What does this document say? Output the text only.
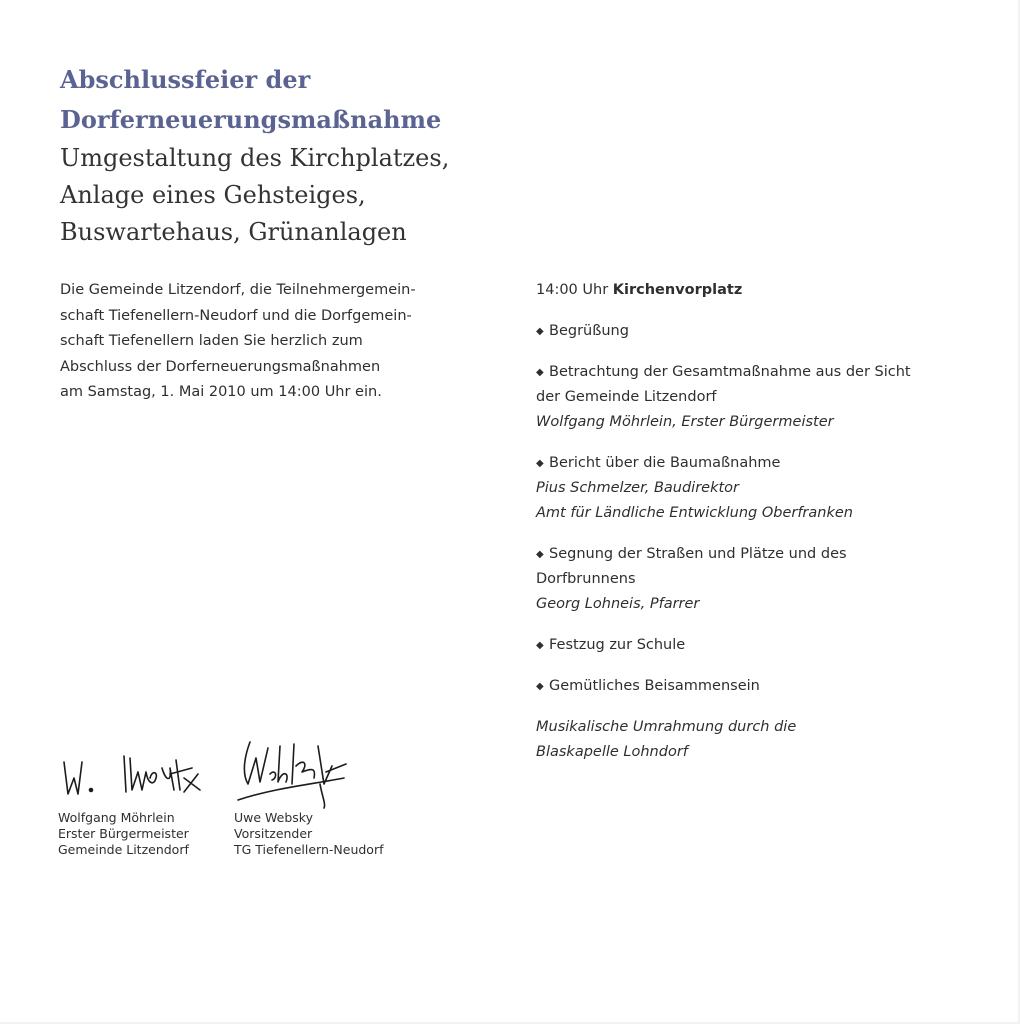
Abschlussfeier der
Dorferneuerungsmaßnahme
Umgestaltung des Kirchplatzes,
Anlage eines Gehsteiges,
Buswartehaus, Grünanlagen
Die Gemeinde Litzendorf, die Teilnehmergemein-
schaft Tiefenellern-Neudorf und die Dorfgemein-
schaft Tiefenellern laden Sie herzlich zum
Abschluss der Dorferneuerungsmaßnahmen
am Samstag, 1. Mai 2010 um 14:00 Uhr ein.
14:00 Uhr Kirchenvorplatz
◆ Begrüßung
◆ Betrachtung der Gesamtmaßnahme aus der Sicht
der Gemeinde Litzendorf
Wolfgang Möhrlein, Erster Bürgermeister
◆ Bericht über die Baumaßnahme
Pius Schmelzer, Baudirektor
Amt für Ländliche Entwicklung Oberfranken
◆ Segnung der Straßen und Plätze und des
Dorfbrunnens
Georg Lohneis, Pfarrer
◆ Festzug zur Schule
◆ Gemütliches Beisammensein
Musikalische Umrahmung durch die
Blaskapelle Lohndorf
Wolfgang Möhrlein
Erster Bürgermeister
Gemeinde Litzendorf
Uwe Websky
Vorsitzender
TG Tiefenellern-Neudorf
